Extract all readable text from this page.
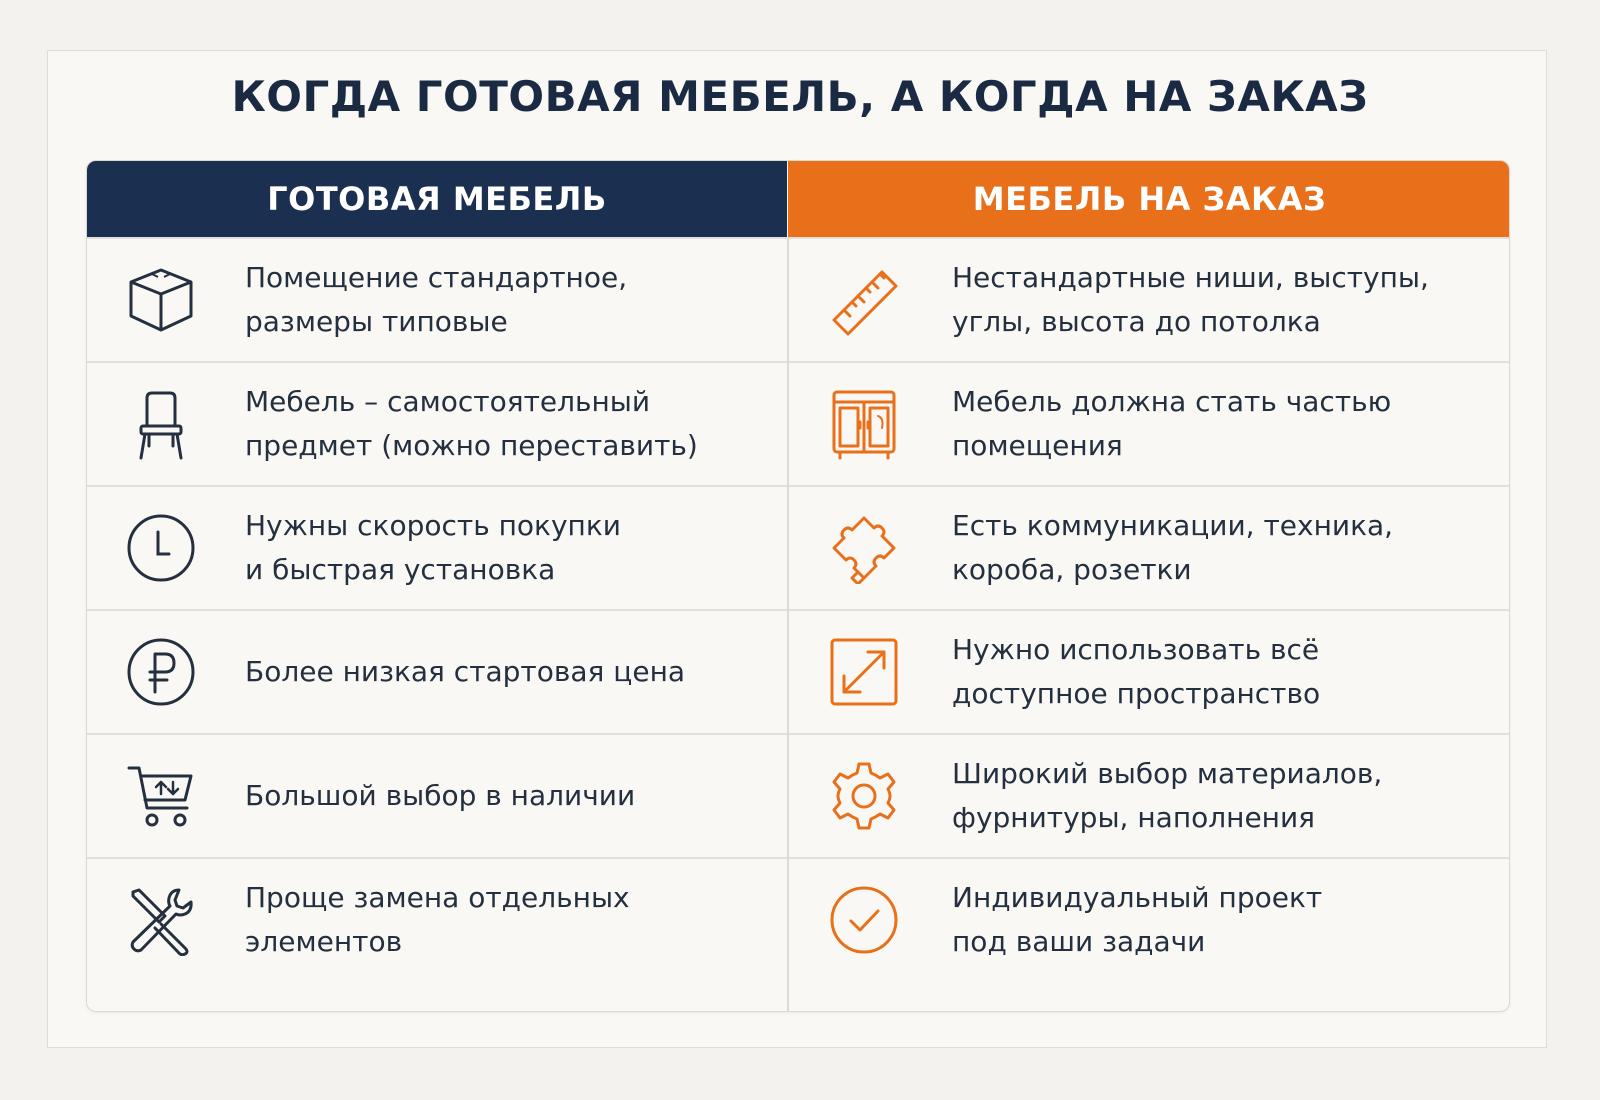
КОГДА ГОТОВАЯ МЕБЕЛЬ, А КОГДА НА ЗАКАЗ
ГОТОВАЯ МЕБЕЛЬ
Помещение стандартное,
размеры типовые
Мебель – самостоятельный
предмет (можно переставить)
Нужны скорость покупки
и быстрая установка
Более низкая стартовая цена
Большой выбор в наличии
Проще замена отдельных
элементов
МЕБЕЛЬ НА ЗАКАЗ
Нестандартные ниши, выступы,
углы, высота до потолка
Мебель должна стать частью
помещения
Есть коммуникации, техника,
короба, розетки
Нужно использовать всё
доступное пространство
Широкий выбор материалов,
фурнитуры, наполнения
Индивидуальный проект
под ваши задачи
